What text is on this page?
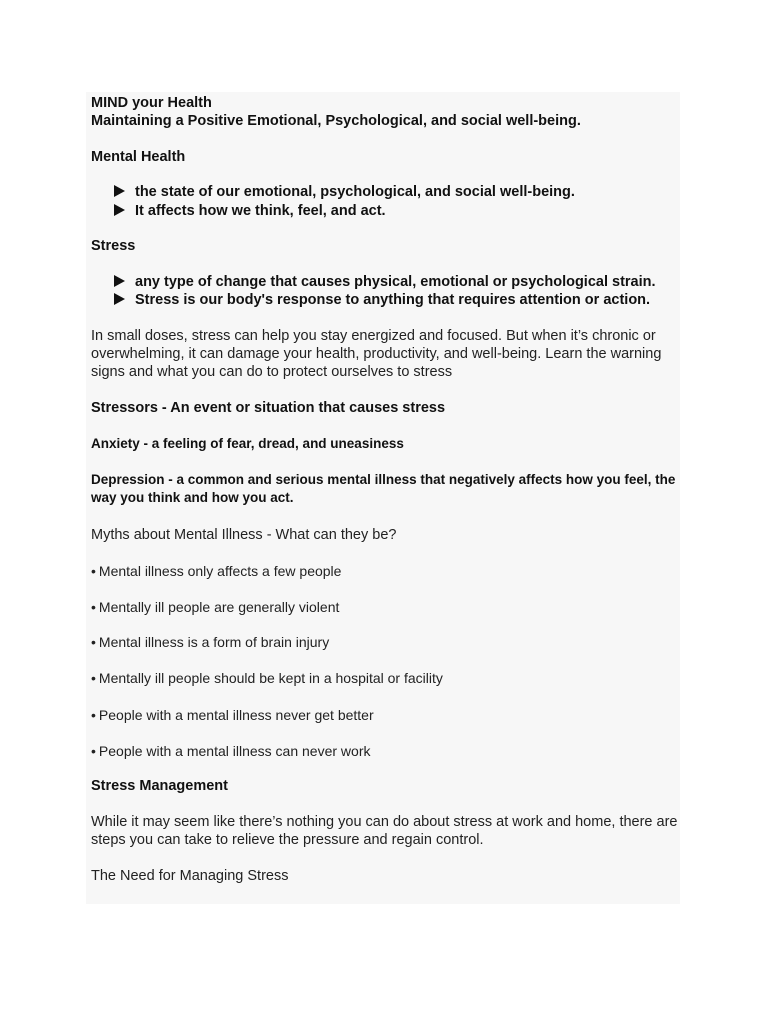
MIND your Health

Maintaining a Positive Emotional, Psychological, and social well-being.

Mental Health

the state of our emotional, psychological, and social well-being.

It affects how we think, feel, and act.

Stress

any type of change that causes physical, emotional or psychological strain.

Stress is our body's response to anything that requires attention or action.

In small doses, stress can help you stay energized and focused. But when it’s chronic or overwhelming, it can damage your health, productivity, and well-being. Learn the warning signs and what you can do to protect ourselves to stress

Stressors - An event or situation that causes stress

Anxiety - a feeling of fear, dread, and uneasiness

Depression - a common and serious mental illness that negatively affects how you feel, the way you think and how you act.

Myths about Mental Illness - What can they be?

• Mental illness only affects a few people

• Mentally ill people are generally violent

• Mental illness is a form of brain injury

• Mentally ill people should be kept in a hospital or facility

• People with a mental illness never get better

• People with a mental illness can never work

Stress Management

While it may seem like there’s nothing you can do about stress at work and home, there are steps you can take to relieve the pressure and regain control.

The Need for Managing Stress
